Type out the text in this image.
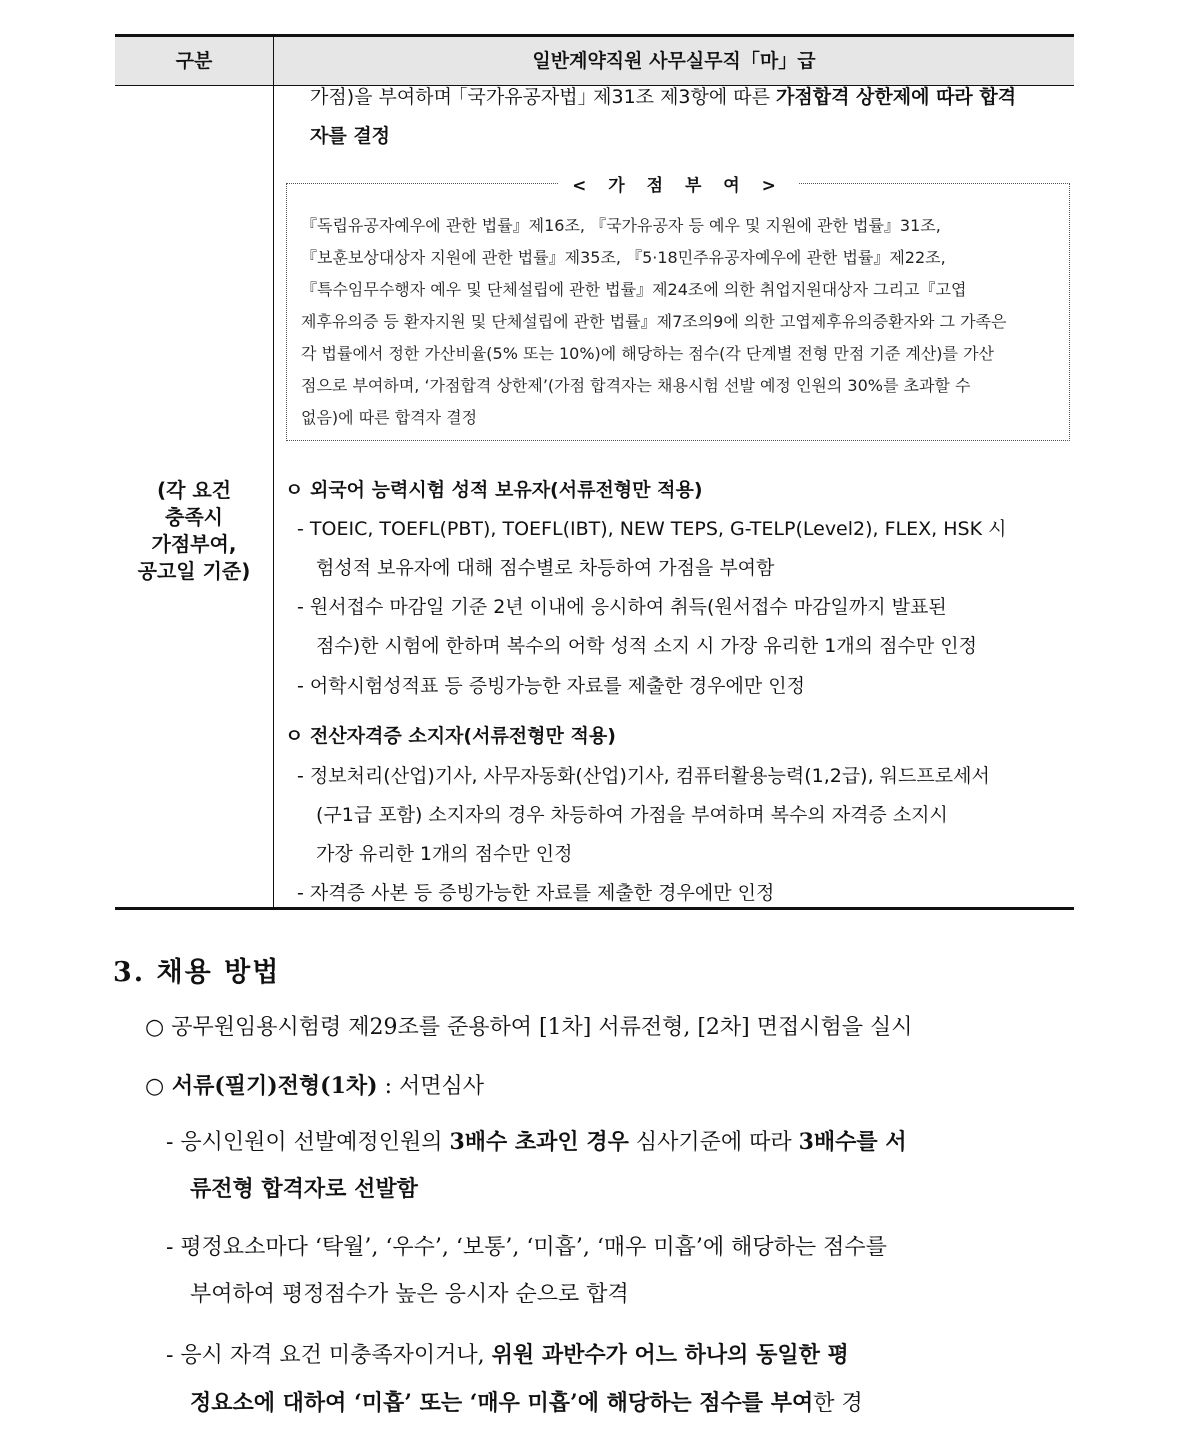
구분	일반계약직원 사무실무직「마」급
(각 요건
충족시
가점부여,
공고일 기준)
가점)을 부여하며 ｢국가유공자법｣ 제31조 제3항에 따른 가점합격 상한제에 따라 합격
자를 결정
< 가 점 부 여 >
『독립유공자예우에 관한 법률』제16조, 『국가유공자 등 예우 및 지원에 관한 법률』31조,
『보훈보상대상자 지원에 관한 법률』제35조, 『5·18민주유공자예우에 관한 법률』제22조,
『특수임무수행자 예우 및 단체설립에 관한 법률』제24조에 의한 취업지원대상자 그리고『고엽
제후유의증 등 환자지원 및 단체설립에 관한 법률』제7조의9에 의한 고엽제후유의증환자와 그 가족은
각 법률에서 정한 가산비율(5% 또는 10%)에 해당하는 점수(각 단계별 전형 만점 기준 계산)를 가산
점으로 부여하며, ‘가점합격 상한제’(가점 합격자는 채용시험 선발 예정 인원의 30%를 초과할 수
없음)에 따른 합격자 결정
ㅇ 외국어 능력시험 성적 보유자(서류전형만 적용)
- TOEIC, TOEFL(PBT), TOEFL(IBT), NEW TEPS, G-TELP(Level2), FLEX, HSK 시
험성적 보유자에 대해 점수별로 차등하여 가점을 부여함
- 원서접수 마감일 기준 2년 이내에 응시하여 취득(원서접수 마감일까지 발표된
점수)한 시험에 한하며 복수의 어학 성적 소지 시 가장 유리한 1개의 점수만 인정
- 어학시험성적표 등 증빙가능한 자료를 제출한 경우에만 인정
ㅇ 전산자격증 소지자(서류전형만 적용)
- 정보처리(산업)기사, 사무자동화(산업)기사, 컴퓨터활용능력(1,2급), 워드프로세서
(구1급 포함) 소지자의 경우 차등하여 가점을 부여하며 복수의 자격증 소지시
가장 유리한 1개의 점수만 인정
- 자격증 사본 등 증빙가능한 자료를 제출한 경우에만 인정
3. 채용 방법
○ 공무원임용시험령 제29조를 준용하여 [1차] 서류전형, [2차] 면접시험을 실시
○ 서류(필기)전형(1차) : 서면심사
- 응시인원이 선발예정인원의 3배수 초과인 경우 심사기준에 따라 3배수를 서
류전형 합격자로 선발함
- 평정요소마다 ‘탁월’, ‘우수’, ‘보통’, ‘미흡’, ‘매우 미흡’에 해당하는 점수를
부여하여 평정점수가 높은 응시자 순으로 합격
- 응시 자격 요건 미충족자이거나, 위원 과반수가 어느 하나의 동일한 평
정요소에 대하여 ‘미흡’ 또는 ‘매우 미흡’에 해당하는 점수를 부여한 경
